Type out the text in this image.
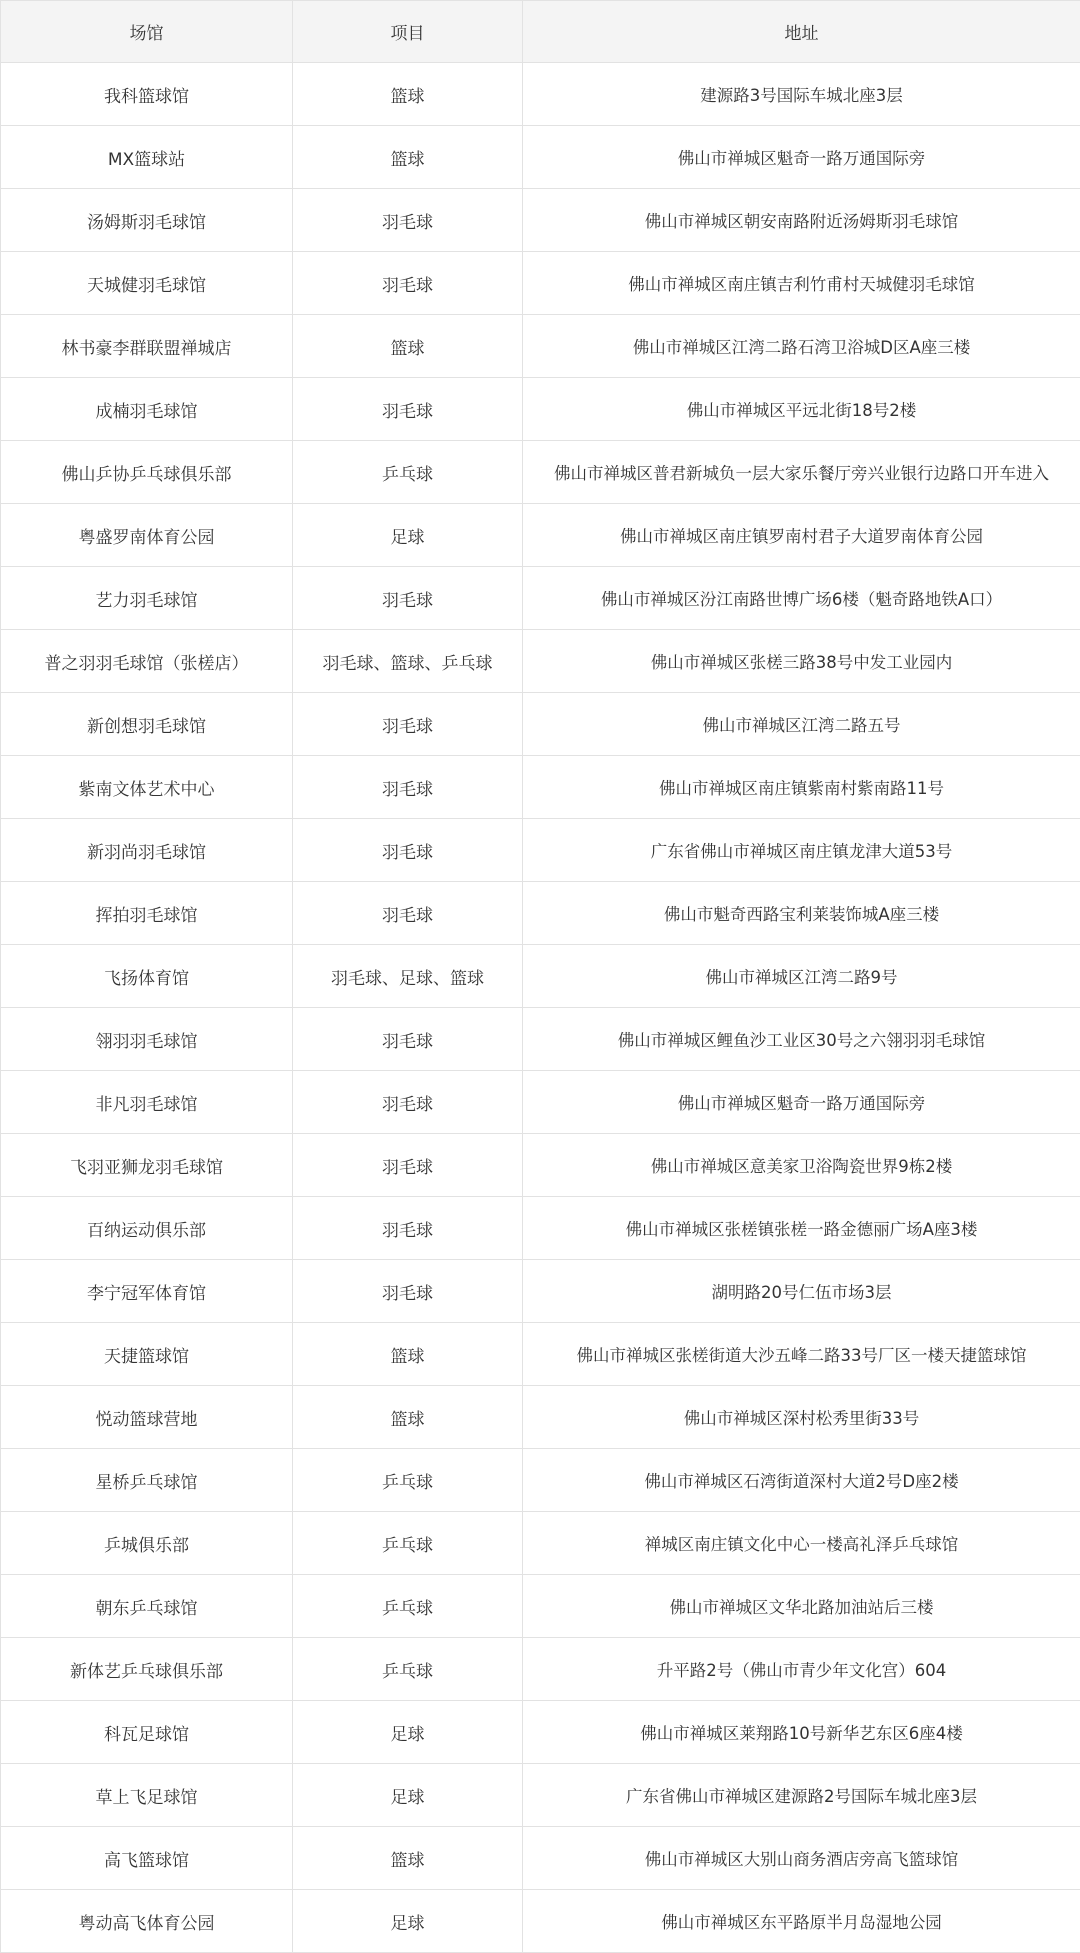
场馆	项目	地址
我科篮球馆	篮球	建源路3号国际车城北座3层
MX篮球站	篮球	佛山市禅城区魁奇一路万通国际旁
汤姆斯羽毛球馆	羽毛球	佛山市禅城区朝安南路附近汤姆斯羽毛球馆
天城健羽毛球馆	羽毛球	佛山市禅城区南庄镇吉利竹甫村天城健羽毛球馆
林书豪李群联盟禅城店	篮球	佛山市禅城区江湾二路石湾卫浴城D区A座三楼
成楠羽毛球馆	羽毛球	佛山市禅城区平远北街18号2楼
佛山乒协乒乓球俱乐部	乒乓球	佛山市禅城区普君新城负一层大家乐餐厅旁兴业银行边路口开车进入
粤盛罗南体育公园	足球	佛山市禅城区南庄镇罗南村君子大道罗南体育公园
艺力羽毛球馆	羽毛球	佛山市禅城区汾江南路世博广场6楼（魁奇路地铁A口）
普之羽羽毛球馆（张槎店）	羽毛球、篮球、乒乓球	佛山市禅城区张槎三路38号中发工业园内
新创想羽毛球馆	羽毛球	佛山市禅城区江湾二路五号
紫南文体艺术中心	羽毛球	佛山市禅城区南庄镇紫南村紫南路11号
新羽尚羽毛球馆	羽毛球	广东省佛山市禅城区南庄镇龙津大道53号
挥拍羽毛球馆	羽毛球	佛山市魁奇西路宝利莱装饰城A座三楼
飞扬体育馆	羽毛球、足球、篮球	佛山市禅城区江湾二路9号
翎羽羽毛球馆	羽毛球	佛山市禅城区鲤鱼沙工业区30号之六翎羽羽毛球馆
非凡羽毛球馆	羽毛球	佛山市禅城区魁奇一路万通国际旁
飞羽亚狮龙羽毛球馆	羽毛球	佛山市禅城区意美家卫浴陶瓷世界9栋2楼
百纳运动俱乐部	羽毛球	佛山市禅城区张槎镇张槎一路金德丽广场A座3楼
李宁冠军体育馆	羽毛球	湖明路20号仁伍市场3层
天捷篮球馆	篮球	佛山市禅城区张槎街道大沙五峰二路33号厂区一楼天捷篮球馆
悦动篮球营地	篮球	佛山市禅城区深村松秀里街33号
星桥乒乓球馆	乒乓球	佛山市禅城区石湾街道深村大道2号D座2楼
乒城俱乐部	乒乓球	禅城区南庄镇文化中心一楼高礼泽乒乓球馆
朝东乒乓球馆	乒乓球	佛山市禅城区文华北路加油站后三楼
新体艺乒乓球俱乐部	乒乓球	升平路2号（佛山市青少年文化宫）604
科瓦足球馆	足球	佛山市禅城区莱翔路10号新华艺东区6座4楼
草上飞足球馆	足球	广东省佛山市禅城区建源路2号国际车城北座3层
高飞篮球馆	篮球	佛山市禅城区大别山商务酒店旁高飞篮球馆
粤动高飞体育公园	足球	佛山市禅城区东平路原半月岛湿地公园
